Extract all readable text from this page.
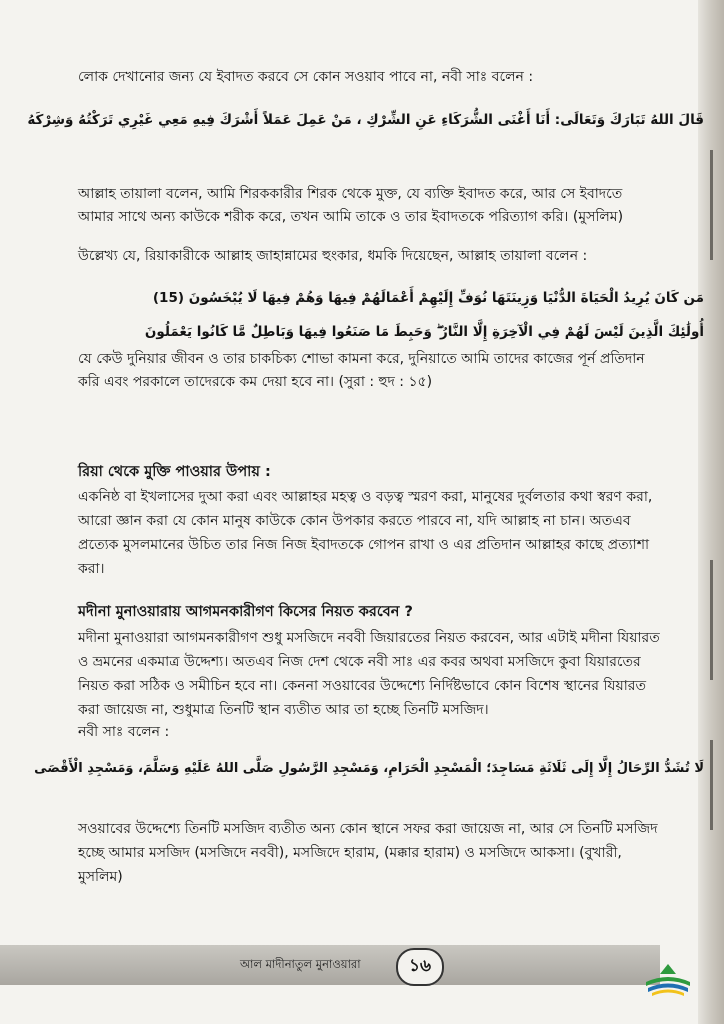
লোক দেখানোর জন্য যে ইবাদত করবে সে কোন সওয়াব পাবে না, নবী সাঃ বলেন :
قَالَ اللهُ تَبَارَكَ وَتَعَالَى: أَنَا أَغْنَى الشُّرَكَاءِ عَنِ الشِّرْكِ ، مَنْ عَمِلَ عَمَلاً أَشْرَكَ فِيهِ مَعِي غَيْرِي تَرَكْتُهُ وَشِرْكَهُ
আল্লাহ তায়ালা বলেন, আমি শিরককারীর শিরক থেকে মুক্ত, যে ব্যক্তি ইবাদত করে, আর সে ইবাদতে
আমার সাথে অন্য কাউকে শরীক করে, তখন আমি তাকে ও তার ইবাদতকে পরিত্যাগ করি। (মুসলিম)
উল্লেখ্য যে, রিয়াকারীকে আল্লাহ জাহান্নামের হুংকার, ধমকি দিয়েছেন, আল্লাহ তায়ালা বলেন :
مَن كَانَ يُرِيدُ الْحَيَاةَ الدُّنْيَا وَزِينَتَهَا نُوَفِّ إِلَيْهِمْ أَعْمَالَهُمْ فِيهَا وَهُمْ فِيهَا لَا يُبْخَسُونَ (15)
أُولَٰئِكَ الَّذِينَ لَيْسَ لَهُمْ فِي الْآخِرَةِ إِلَّا النَّارُ ۖ وَحَبِطَ مَا صَنَعُوا فِيهَا وَبَاطِلٌ مَّا كَانُوا يَعْمَلُونَ
যে কেউ দুনিয়ার জীবন ও তার চাকচিক্য শোভা কামনা করে, দুনিয়াতে আমি তাদের কাজের পূর্ন প্রতিদান
করি এবং পরকালে তাদেরকে কম দেয়া হবে না। (সুরা : হুদ : ১৫)
রিয়া থেকে মুক্তি পাওয়ার উপায় :
একনিষ্ঠ বা ইখলাসের দুআ করা এবং আল্লাহর মহত্ব ও বড়ত্ব স্মরণ করা, মানুষের দুর্বলতার কথা স্বরণ করা,
আরো জ্ঞান করা যে কোন মানুষ কাউকে কোন উপকার করতে পারবে না, যদি আল্লাহ না চান। অতএব
প্রত্যেক মুসলমানের উচিত তার নিজ নিজ ইবাদতকে গোপন রাখা ও এর প্রতিদান আল্লাহর কাছে প্রত্যাশা
করা।
মদীনা মুনাওয়ারায় আগমনকারীগণ কিসের নিয়ত করবেন ?
মদীনা মুনাওয়ারা আগমনকারীগণ শুধু মসজিদে নববী জিয়ারতের নিয়ত করবেন, আর এটাই মদীনা যিয়ারত
ও ভ্রমনের একমাত্র উদ্দেশ্য। অতএব নিজ দেশ থেকে নবী সাঃ এর কবর অথবা মসজিদে কুবা যিয়ারতের
নিয়ত করা সঠিক ও সমীচিন হবে না। কেননা সওয়াবের উদ্দেশ্যে নির্দিষ্টভাবে কোন বিশেষ স্থানের যিয়ারত
করা জায়েজ না, শুধুমাত্র তিনটি স্থান ব্যতীত আর তা হচ্ছে তিনটি মসজিদ।
নবী সাঃ বলেন :
لَا تُشَدُّ الرِّحَالُ إِلَّا إِلَى ثَلَاثَةِ مَسَاجِدَ؛ الْمَسْجِدِ الْحَرَامِ، وَمَسْجِدِ الرَّسُولِ صَلَّى اللهُ عَلَيْهِ وَسَلَّمَ، وَمَسْجِدِ الْأَقْصَى
সওয়াবের উদ্দেশ্যে তিনটি মসজিদ ব্যতীত অন্য কোন স্থানে সফর করা জায়েজ না, আর সে তিনটি মসজিদ
হচ্ছে আমার মসজিদ (মসজিদে নববী), মসজিদে হারাম, (মক্কার হারাম) ও মসজিদে আকসা। (বুখারী,
মুসলিম)
আল মাদীনাতুল মুনাওয়ারা	১৬
